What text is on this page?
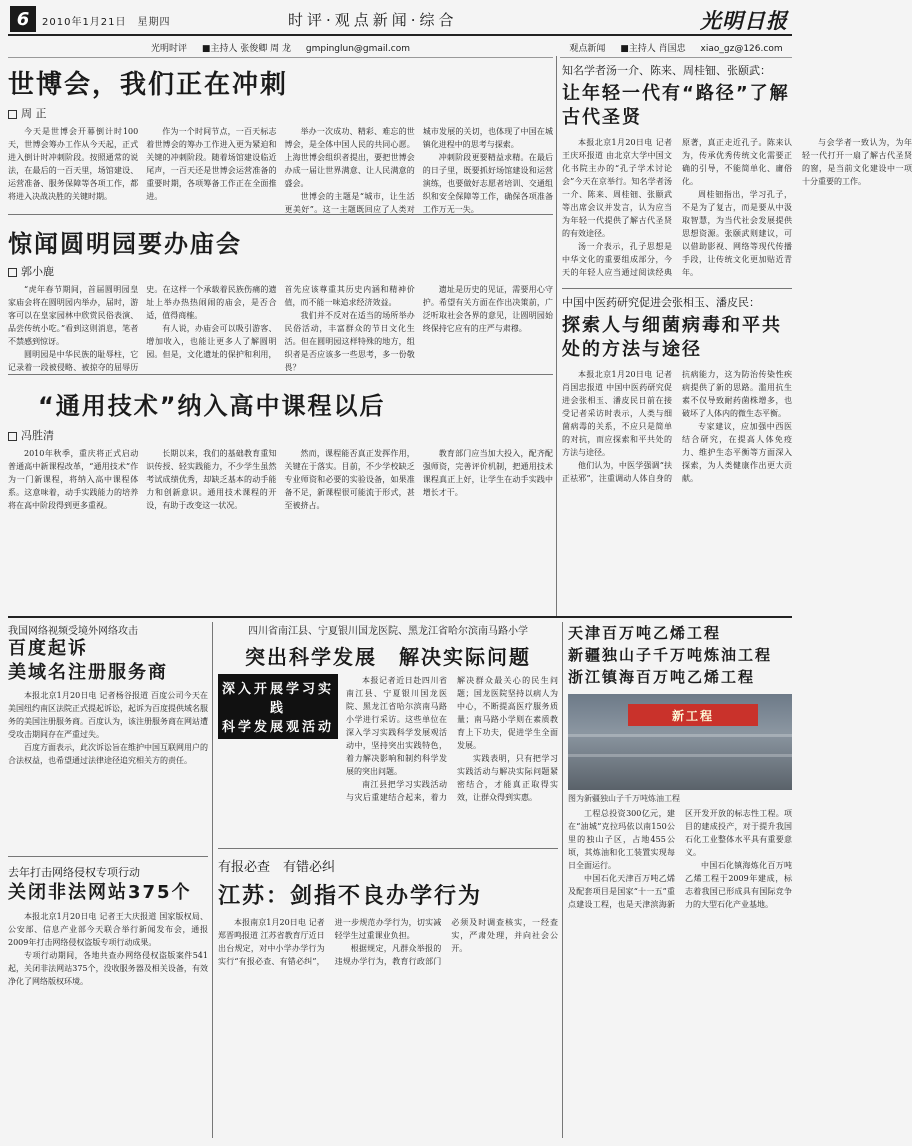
6	2010年1月21日　星期四	时评·观点新闻·综合	光明日报
光明时评 ■主持人 张俊卿 周 龙 gmpinglun@gmail.com	观点新闻 ■主持人 肖国忠 xiao_gz@126.com
世博会，我们正在冲刺
周 正

今天是世博会开幕倒计时100天，世博会筹办工作从今天起，正式进入倒计时冲刺阶段。按照通常的说法，在最后的一百天里，场馆建设、运营准备、服务保障等各项工作，都将进入决战决胜的关键时期。

作为一个时间节点，一百天标志着世博会的筹办工作进入更为紧迫和关键的冲刺阶段。随着场馆建设临近尾声，一百天还是世博会运营准备的重要时期，各项筹备工作正在全面推进。

举办一次成功、精彩、难忘的世博会，是全体中国人民的共同心愿。上海世博会组织者提出，要把世博会办成一届让世界满意、让人民满意的盛会。

世博会的主题是“城市，让生活更美好”。这一主题既回应了人类对城市发展的关切，也体现了中国在城镇化进程中的思考与探索。

冲刺阶段更要精益求精。在最后的日子里，既要抓好场馆建设和运营演练，也要做好志愿者培训、交通组织和安全保障等工作，确保各项准备工作万无一失。

惊闻圆明园要办庙会
郭小鹿

“虎年春节期间，首届圆明园皇家庙会将在圆明园内举办，届时，游客可以在皇家园林中欣赏民俗表演、品尝传统小吃。”看到这则消息，笔者不禁感到惊讶。

圆明园是中华民族的耻辱柱，它记录着一段被侵略、被掠夺的屈辱历史。在这样一个承载着民族伤痛的遗址上举办热热闹闹的庙会，是否合适，值得商榷。

有人说，办庙会可以吸引游客、增加收入，也能让更多人了解圆明园。但是，文化遗址的保护和利用，首先应该尊重其历史内涵和精神价值，而不能一味追求经济效益。

我们并不反对在适当的场所举办民俗活动，丰富群众的节日文化生活。但在圆明园这样特殊的地方，组织者是否应该多一些思考，多一份敬畏？

遗址是历史的见证，需要用心守护。希望有关方面在作出决策前，广泛听取社会各界的意见，让圆明园始终保持它应有的庄严与肃穆。

“通用技术”纳入高中课程以后
冯胜清

2010年秋季，重庆将正式启动普通高中新课程改革，“通用技术”作为一门新课程，将纳入高中课程体系。这意味着，动手实践能力的培养将在高中阶段得到更多重视。

长期以来，我们的基础教育重知识传授、轻实践能力，不少学生虽然考试成绩优秀，却缺乏基本的动手能力和创新意识。通用技术课程的开设，有助于改变这一状况。

然而，课程能否真正发挥作用，关键在于落实。目前，不少学校缺乏专业师资和必要的实验设备，如果准备不足，新课程很可能流于形式，甚至被挤占。

教育部门应当加大投入，配齐配强师资，完善评价机制，把通用技术课程真正上好，让学生在动手实践中增长才干。

知名学者汤一介、陈来、周桂钿、张颐武：
让年轻一代有“路径”了解古代圣贤

本报北京1月20日电 记者王庆环报道 由北京大学中国文化书院主办的“孔子学术讨论会”今天在京举行。知名学者汤一介、陈来、周桂钿、张颐武等出席会议并发言，认为应当为年轻一代提供了解古代圣贤的有效途径。

汤一介表示，孔子思想是中华文化的重要组成部分，今天的年轻人应当通过阅读经典原著，真正走近孔子。陈来认为，传承优秀传统文化需要正确的引导，不能简单化、庸俗化。

周桂钿指出，学习孔子，不是为了复古，而是要从中汲取智慧，为当代社会发展提供思想资源。张颐武则建议，可以借助影视、网络等现代传播手段，让传统文化更加贴近青年。

与会学者一致认为，为年轻一代打开一扇了解古代圣贤的窗，是当前文化建设中一项十分重要的工作。

中国中医药研究促进会张相玉、潘皮民：
探索人与细菌病毒和平共处的方法与途径

本报北京1月20日电 记者肖国忠报道 中国中医药研究促进会张相玉、潘皮民日前在接受记者采访时表示，人类与细菌病毒的关系，不应只是简单的对抗，而应探索和平共处的方法与途径。

他们认为，中医学强调“扶正祛邪”，注重调动人体自身的抗病能力，这为防治传染性疾病提供了新的思路。滥用抗生素不仅导致耐药菌株增多，也破坏了人体内的微生态平衡。

专家建议，应加强中西医结合研究，在提高人体免疫力、维护生态平衡等方面深入探索，为人类健康作出更大贡献。

我国网络视频受境外网络攻击
百度起诉
美域名注册服务商

本报北京1月20日电 记者杨谷报道 百度公司今天在美国纽约南区法院正式提起诉讼，起诉为百度提供域名服务的美国注册服务商。百度认为，该注册服务商在网站遭受攻击期间存在严重过失。

百度方面表示，此次诉讼旨在维护中国互联网用户的合法权益，也希望通过法律途径追究相关方的责任。

去年打击网络侵权专项行动
关闭非法网站375个

本报北京1月20日电 记者王大庆报道 国家版权局、公安部、信息产业部今天联合举行新闻发布会，通报2009年打击网络侵权盗版专项行动成果。

专项行动期间，各地共查办网络侵权盗版案件541起，关闭非法网站375个，没收服务器及相关设备，有效净化了网络版权环境。

四川省南江县、宁夏银川国龙医院、黑龙江省哈尔滨南马路小学
突出科学发展　解决实际问题
深入开展学习实践
科学发展观活动

本报记者近日赴四川省南江县、宁夏银川国龙医院、黑龙江省哈尔滨南马路小学进行采访。这些单位在深入学习实践科学发展观活动中，坚持突出实践特色，着力解决影响和制约科学发展的突出问题。

南江县把学习实践活动与灾后重建结合起来，着力解决群众最关心的民生问题；国龙医院坚持以病人为中心，不断提高医疗服务质量；南马路小学则在素质教育上下功夫，促进学生全面发展。

实践表明，只有把学习实践活动与解决实际问题紧密结合，才能真正取得实效，让群众得到实惠。

有报必查　有错必纠
江苏：剑指不良办学行为

本报南京1月20日电 记者郑晋鸣报道 江苏省教育厅近日出台规定，对中小学办学行为实行“有报必查、有错必纠”，进一步规范办学行为，切实减轻学生过重课业负担。

根据规定，凡群众举报的违规办学行为，教育行政部门必须及时调查核实，一经查实，严肃处理，并向社会公开。

天津百万吨乙烯工程
新疆独山子千万吨炼油工程
浙江镇海百万吨乙烯工程
新工程
图为新疆独山子千万吨炼油工程

工程总投资300亿元，建在“油城”克拉玛依以南150公里的独山子区，占地455公顷，其炼油和化工装置实现每日全面运行。

中国石化天津百万吨乙烯及配套项目是国家“十一五”重点建设工程，也是天津滨海新区开发开放的标志性工程。项目的建成投产，对于提升我国石化工业整体水平具有重要意义。

中国石化镇海炼化百万吨乙烯工程于2009年建成，标志着我国已形成具有国际竞争力的大型石化产业基地。
